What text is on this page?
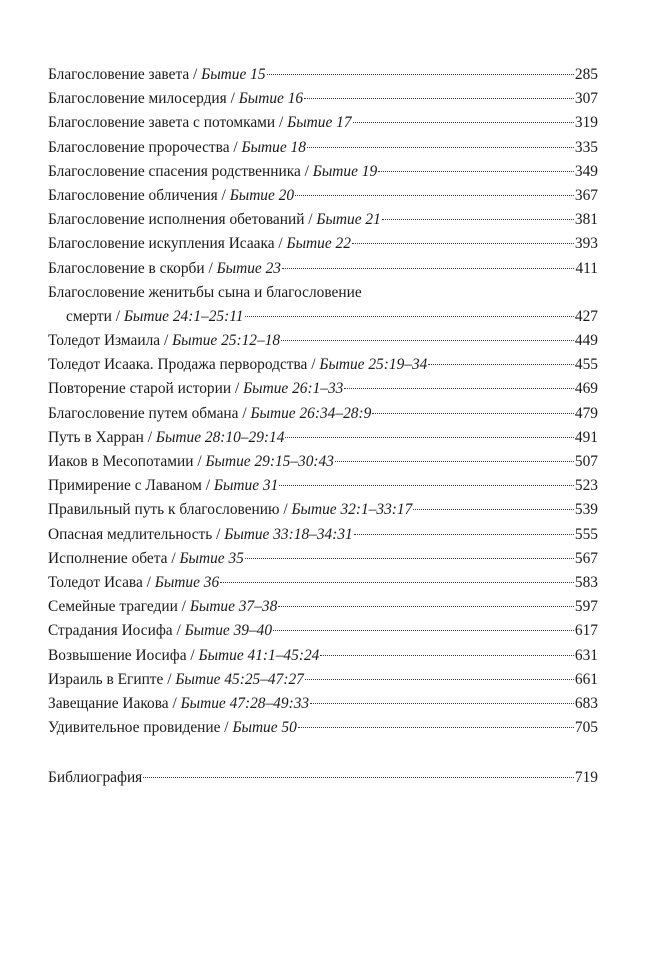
Благословение завета / Бытие 15	285
Благословение милосердия / Бытие 16	307
Благословение завета с потомками / Бытие 17	319
Благословение пророчества / Бытие 18	335
Благословение спасения родственника / Бытие 19	349
Благословение обличения / Бытие 20	367
Благословение исполнения обетований / Бытие 21	381
Благословение искупления Исаака / Бытие 22	393
Благословение в скорби / Бытие 23	411
Благословение женитьбы сына и благословение
смерти / Бытие 24:1–25:11	427
Толедот Измаила / Бытие 25:12–18	449
Толедот Исаака. Продажа первородства / Бытие 25:19–34	455
Повторение старой истории / Бытие 26:1–33	469
Благословение путем обмана / Бытие 26:34–28:9	479
Путь в Харран / Бытие 28:10–29:14	491
Иаков в Месопотамии / Бытие 29:15–30:43	507
Примирение с Лаваном / Бытие 31	523
Правильный путь к благословению / Бытие 32:1–33:17	539
Опасная медлительность / Бытие 33:18–34:31	555
Исполнение обета / Бытие 35	567
Толедот Исава / Бытие 36	583
Семейные трагедии / Бытие 37–38	597
Страдания Иосифа / Бытие 39–40	617
Возвышение Иосифа / Бытие 41:1–45:24	631
Израиль в Египте / Бытие 45:25–47:27	661
Завещание Иакова / Бытие 47:28–49:33	683
Удивительное провидение / Бытие 50	705
Библиография	719
